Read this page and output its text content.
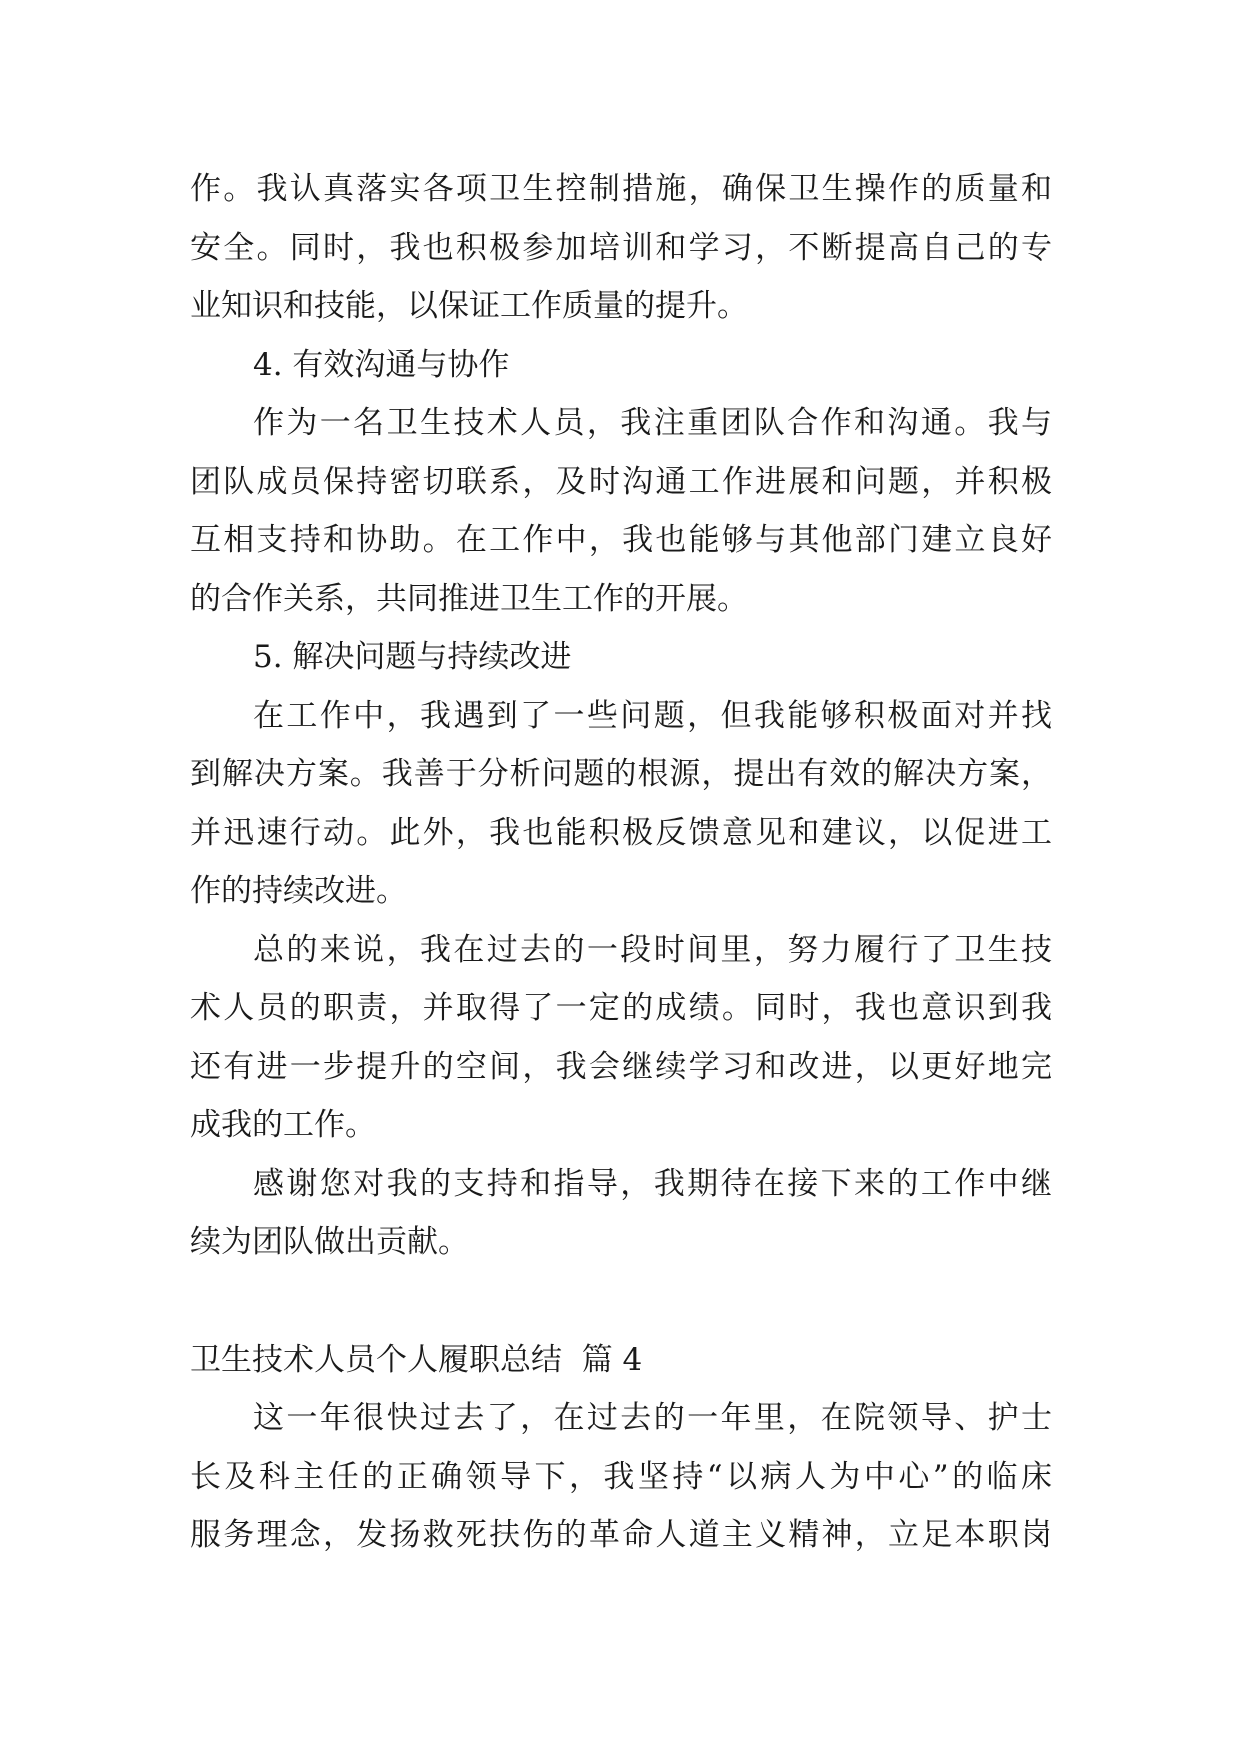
作。我认真落实各项卫生控制措施，确保卫生操作的质量和
安全。同时，我也积极参加培训和学习，不断提高自己的专
业知识和技能，以保证工作质量的提升。
4. 有效沟通与协作
作为一名卫生技术人员，我注重团队合作和沟通。我与
团队成员保持密切联系，及时沟通工作进展和问题，并积极
互相支持和协助。在工作中，我也能够与其他部门建立良好
的合作关系，共同推进卫生工作的开展。
5. 解决问题与持续改进
在工作中，我遇到了一些问题，但我能够积极面对并找
到解决方案。我善于分析问题的根源，提出有效的解决方案，
并迅速行动。此外，我也能积极反馈意见和建议，以促进工
作的持续改进。
总的来说，我在过去的一段时间里，努力履行了卫生技
术人员的职责，并取得了一定的成绩。同时，我也意识到我
还有进一步提升的空间，我会继续学习和改进，以更好地完
成我的工作。
感谢您对我的支持和指导，我期待在接下来的工作中继
续为团队做出贡献。
卫生技术人员个人履职总结  篇 4
这一年很快过去了，在过去的一年里，在院领导、护士
长及科主任的正确领导下，我坚持“以病人为中心”的临床
服务理念，发扬救死扶伤的革命人道主义精神，立足本职岗
